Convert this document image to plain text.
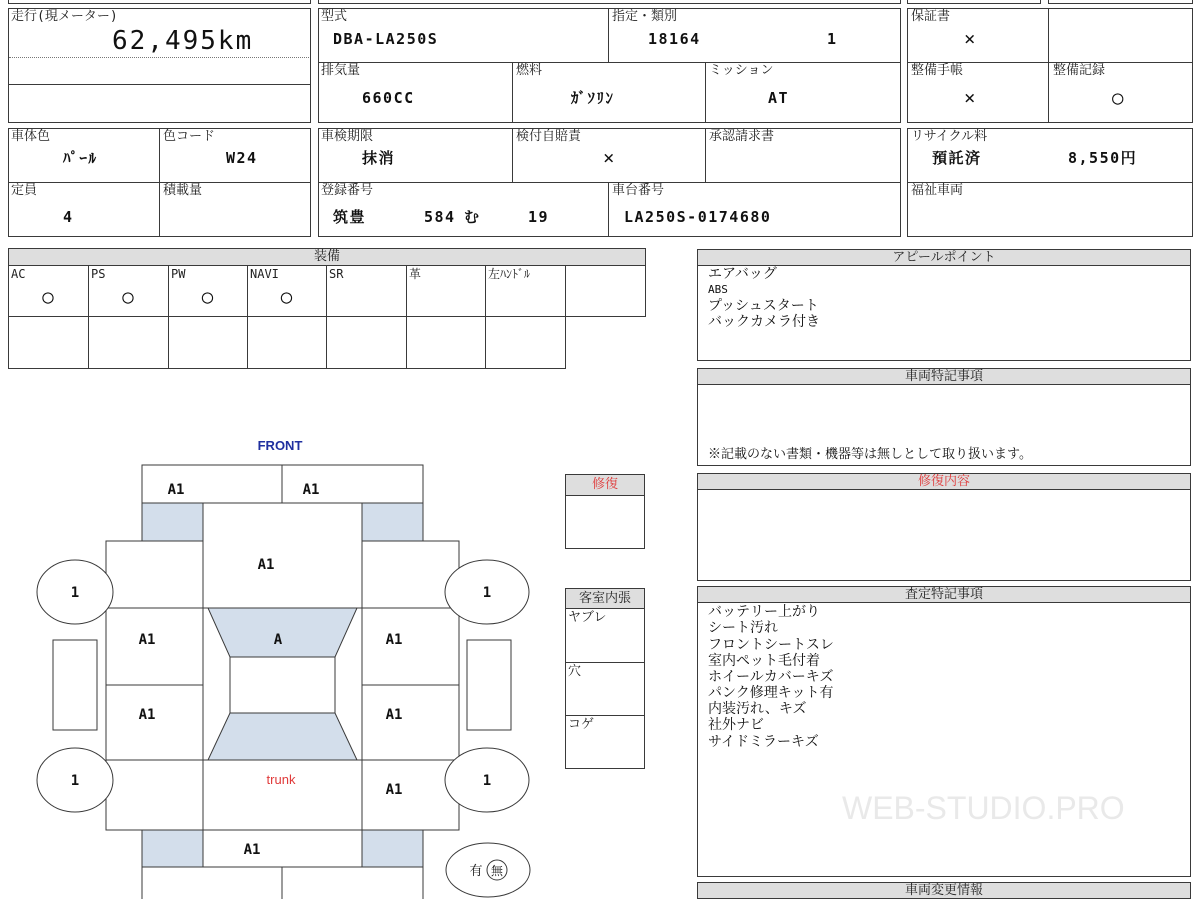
走行(現メーター)
62,495km
型式
DBA-LA250S
指定・類別
18164	1
排気量
660CC
燃料
ｶﾞｿﾘﾝ
ミッション
AT
保証書
×
整備手帳
×
整備記録
○
車体色
ﾊﾟｰﾙ
色コード
W24
定員
4
積載量
車検期限
抹消
検付自賠責
×
承認請求書
登録番号
筑豊	584 む	19
車台番号
LA250S-0174680
リサイクル料
預託済	8,550円
福祉車両
装備
AC	PS	PW	NAVI	SR	革	左ﾊﾝﾄﾞﾙ
○	○	○	○
アピールポイント
エアバッグ
ABS
プッシュスタート
バックカメラ付き
車両特記事項
※記載のない書類・機器等は無しとして取り扱います。
修復内容
査定特記事項
バッテリー上がり
シート汚れ
フロントシートスレ
室内ペット毛付着
ホイールカバーキズ
パンク修理キット有
内装汚れ、キズ
社外ナビ
サイドミラーキズ
WEB-STUDIO.PRO
車両変更情報
修復
客室内張
ヤブレ
穴
コゲ
FRONT
A1	A1
A1
A
A1
A1
A1
A1
A1
trunk
A1
1	1
1	1
有 無
